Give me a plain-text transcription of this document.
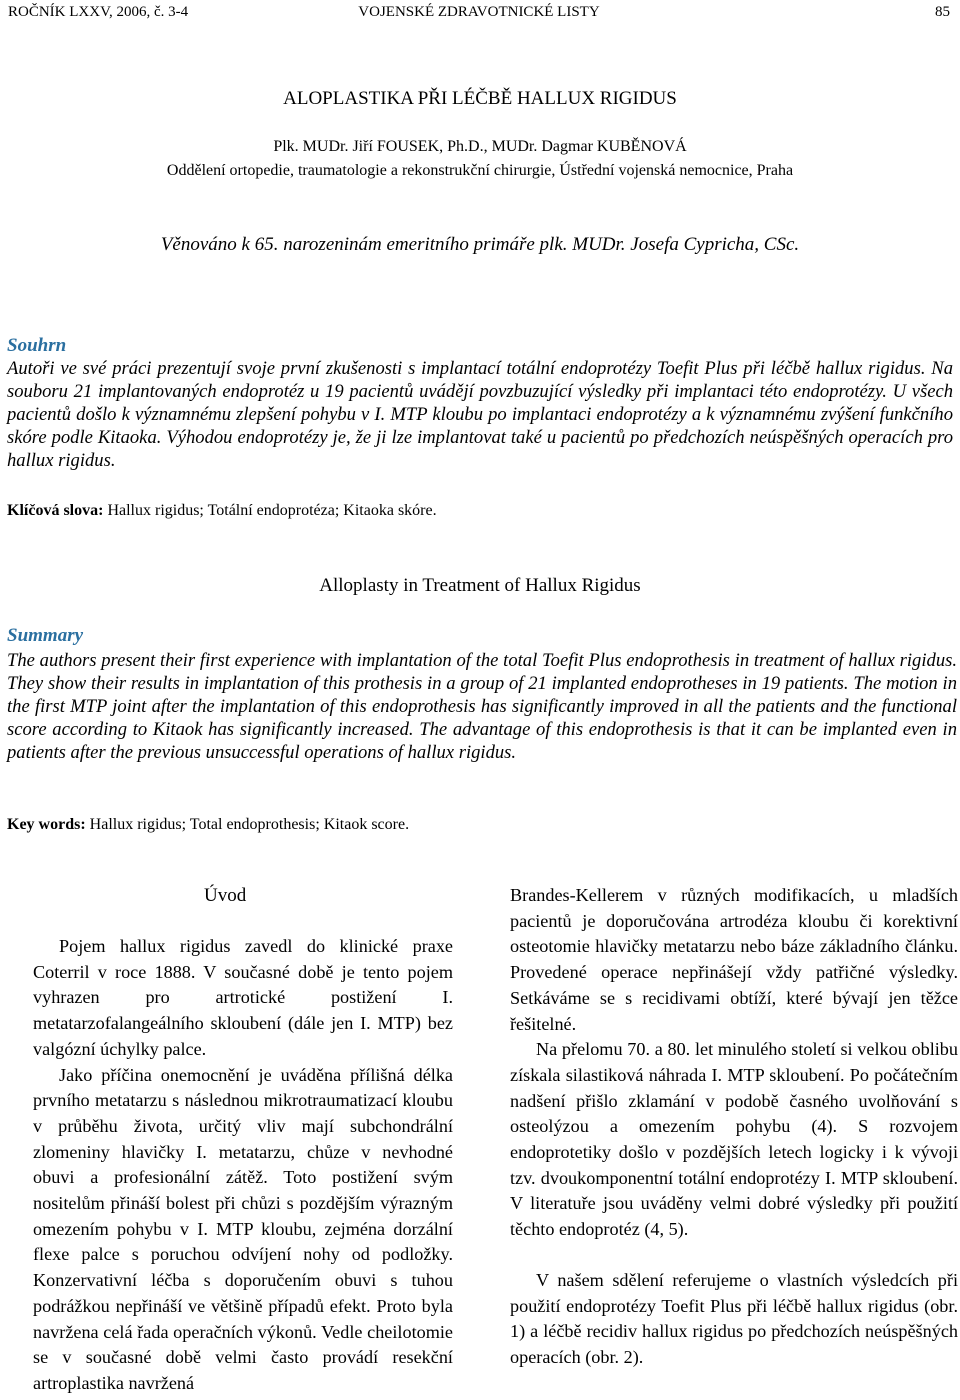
ROČNÍK LXXV, 2006, č. 3-4	VOJENSKÉ ZDRAVOTNICKÉ LISTY	85
ALOPLASTIKA PŘI LÉČBĚ HALLUX RIGIDUS
Plk. MUDr. Jiří FOUSEK, Ph.D., MUDr. Dagmar KUBĚNOVÁ
Oddělení ortopedie, traumatologie a rekonstrukční chirurgie, Ústřední vojenská nemocnice, Praha
Věnováno k 65. narozeninám emeritního primáře plk. MUDr. Josefa Cypricha, CSc.
Souhrn
Autoři ve své práci prezentují svoje první zkušenosti s implantací totální endoprotézy Toefit Plus při léčbě hallux rigidus. Na souboru 21 implantovaných endoprotéz u 19 pacientů uvádějí povzbuzující výsledky při implantaci této endoprotézy. U všech pacientů došlo k významnému zlepšení pohybu v I. MTP kloubu po implantaci endoprotézy a k významnému zvýšení funkčního skóre podle Kitaoka. Výhodou endoprotézy je, že ji lze implantovat také u pacientů po předchozích neúspěšných operacích pro hallux rigidus.
Klíčová slova: Hallux rigidus; Totální endoprotéza; Kitaoka skóre.
Alloplasty in Treatment of Hallux Rigidus
Summary
The authors present their first experience with implantation of the total Toefit Plus endoprothesis in treatment of hallux rigidus. They show their results in implantation of this prothesis in a group of 21 implanted endoprotheses in 19 patients. The motion in the first MTP joint after the implantation of this endoprothesis has significantly improved in all the patients and the functional score according to Kitaok has significantly increased. The advantage of this endoprothesis is that it can be implanted even in patients after the previous unsuccessful operations of hallux rigidus.
Key words: Hallux rigidus; Total endoprothesis; Kitaok score.
Úvod

Pojem hallux rigidus zavedl do klinické praxe Coterril v roce 1888. V současné době je tento pojem vyhrazen pro artrotické postižení I. metatarzofalangeálního skloubení (dále jen I. MTP) bez valgózní úchylky palce.

Jako příčina onemocnění je uváděna přílišná délka prvního metatarzu s následnou mikrotraumatizací kloubu v průběhu života, určitý vliv mají subchondrální zlomeniny hlavičky I. metatarzu, chůze v nevhodné obuvi a profesionální zátěž. Toto postižení svým nositelům přináší bolest při chůzi s pozdějším výrazným omezením pohybu v I. MTP kloubu, zejména dorzální flexe palce s poruchou odvíjení nohy od podložky. Konzervativní léčba s doporučením obuvi s tuhou podrážkou nepřináší ve většině případů efekt. Proto byla navržena celá řada operačních výkonů. Vedle cheilotomie se v současné době velmi často provádí resekční artroplastika navržená

Brandes-Kellerem v různých modifikacích, u mladších pacientů je doporučována artrodéza kloubu či korektivní osteotomie hlavičky metatarzu nebo báze základního článku. Provedené operace nepřinášejí vždy patřičné výsledky. Setkáváme se s recidivami obtíží, které bývají jen těžce řešitelné.

Na přelomu 70. a 80. let minulého století si velkou oblibu získala silastiková náhrada I. MTP skloubení. Po počátečním nadšení přišlo zklamání v podobě časného uvolňování s osteolýzou a omezením pohybu (4). S rozvojem endoprotetiky došlo v pozdějších letech logicky i k vývoji tzv. dvoukomponentní totální endoprotézy I. MTP skloubení. V literatuře jsou uváděny velmi dobré výsledky při použití těchto endoprotéz (4, 5).

V našem sdělení referujeme o vlastních výsledcích při použití endoprotézy Toefit Plus při léčbě hallux rigidus (obr. 1) a léčbě recidiv hallux rigidus po předchozích neúspěšných operacích (obr. 2).
